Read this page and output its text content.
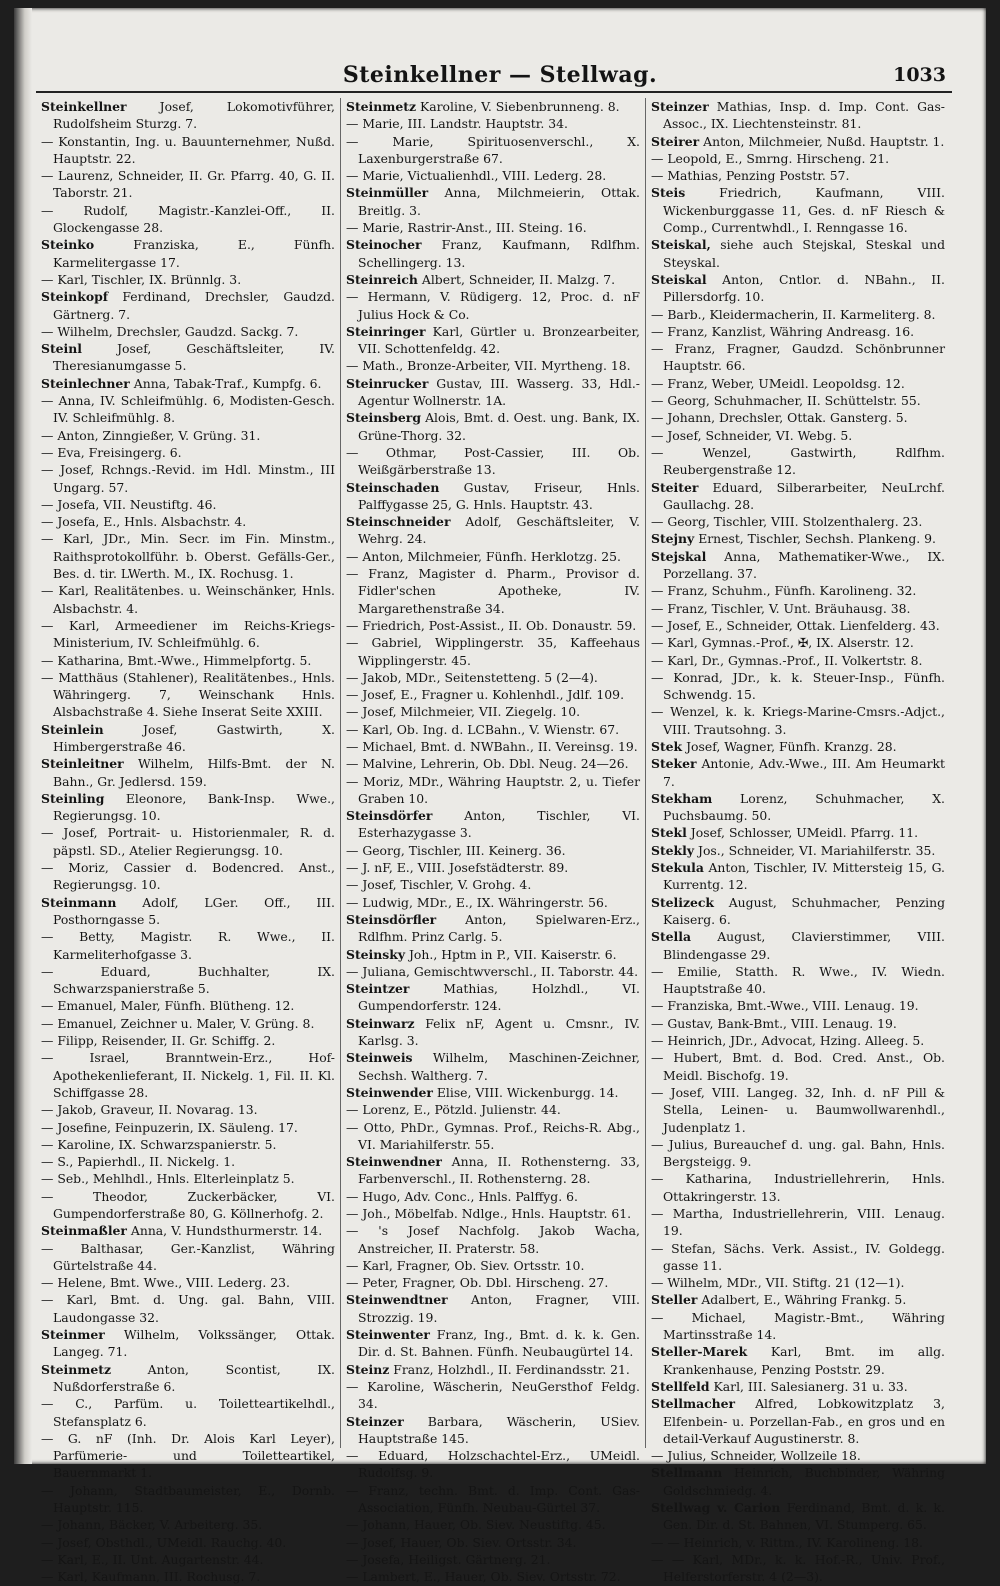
Steinkellner — Stellwag.	1033

Steinkellner Josef, Lokomotivführer, Rudolfsheim Sturzg. 7.

— Konstantin, Ing. u. Bauunternehmer, Nußd. Hauptstr. 22.

— Laurenz, Schneider, II. Gr. Pfarrg. 40, G. II. Taborstr. 21.

— Rudolf, Magistr.-Kanzlei-Off., II. Glockengasse 28.

Steinko Franziska, E., Fünfh. Karmelitergasse 17.

— Karl, Tischler, IX. Brünnlg. 3.

Steinkopf Ferdinand, Drechsler, Gaudzd. Gärtnerg. 7.

— Wilhelm, Drechsler, Gaudzd. Sackg. 7.

Steinl Josef, Geschäftsleiter, IV. Theresianumgasse 5.

Steinlechner Anna, Tabak-Traf., Kumpfg. 6.

— Anna, IV. Schleifmühlg. 6, Modisten-Gesch. IV. Schleifmühlg. 8.

— Anton, Zinngießer, V. Grüng. 31.

— Eva, Freisingerg. 6.

— Josef, Rchngs.-Revid. im Hdl. Minstm., III Ungarg. 57.

— Josefa, VII. Neustiftg. 46.

— Josefa, E., Hnls. Alsbachstr. 4.

— Karl, JDr., Min. Secr. im Fin. Minstm., Raithsprotokollführ. b. Oberst. Gefälls-Ger., Bes. d. tir. LWerth. M., IX. Rochusg. 1.

— Karl, Realitätenbes. u. Weinschänker, Hnls. Alsbachstr. 4.

— Karl, Armeediener im Reichs-Kriegs-Ministerium, IV. Schleifmühlg. 6.

— Katharina, Bmt.-Wwe., Himmelpfortg. 5.

— Matthäus (Stahlener), Realitätenbes., Hnls. Währingerg. 7, Weinschank Hnls. Alsbachstraße 4. Siehe Inserat Seite XXIII.

Steinlein Josef, Gastwirth, X. Himbergerstraße 46.

Steinleitner Wilhelm, Hilfs-Bmt. der N. Bahn., Gr. Jedlersd. 159.

Steinling Eleonore, Bank-Insp. Wwe., Regierungsg. 10.

— Josef, Portrait- u. Historienmaler, R. d. päpstl. SD., Atelier Regierungsg. 10.

— Moriz, Cassier d. Bodencred. Anst., Regierungsg. 10.

Steinmann Adolf, LGer. Off., III. Posthorngasse 5.

— Betty, Magistr. R. Wwe., II. Karmeliterhofgasse 3.

— Eduard, Buchhalter, IX. Schwarzspanierstraße 5.

— Emanuel, Maler, Fünfh. Blütheng. 12.

— Emanuel, Zeichner u. Maler, V. Grüng. 8.

— Filipp, Reisender, II. Gr. Schiffg. 2.

— Israel, Branntwein-Erz., Hof-Apothekenlieferant, II. Nickelg. 1, Fil. II. Kl. Schiffgasse 28.

— Jakob, Graveur, II. Novarag. 13.

— Josefine, Feinpuzerin, IX. Säuleng. 17.

— Karoline, IX. Schwarzspanierstr. 5.

— S., Papierhdl., II. Nickelg. 1.

— Seb., Mehlhdl., Hnls. Elterleinplatz 5.

— Theodor, Zuckerbäcker, VI. Gumpendorferstraße 80, G. Köllnerhofg. 2.

Steinmaßler Anna, V. Hundsthurmerstr. 14.

— Balthasar, Ger.-Kanzlist, Währing Gürtelstraße 44.

— Helene, Bmt. Wwe., VIII. Lederg. 23.

— Karl, Bmt. d. Ung. gal. Bahn, VIII. Laudongasse 32.

Steinmer Wilhelm, Volkssänger, Ottak. Langeg. 71.

Steinmetz Anton, Scontist, IX. Nußdorferstraße 6.

— C., Parfüm. u. Toiletteartikelhdl., Stefansplatz 6.

— G. nF (Inh. Dr. Alois Karl Leyer), Parfümerie- und Toiletteartikel, Bauernmarkt 1.

— Johann, Stadtbaumeister, E., Dornb. Hauptstr. 115.

— Johann, Bäcker, V. Arbeiterg. 35.

— Josef, Obsthdl., UMeidl. Rauchg. 40.

— Karl, E., II. Unt. Augartenstr. 44.

— Karl, Kaufmann, III. Rochusg. 7.

Steinmetz Karoline, V. Siebenbrunneng. 8.

— Marie, III. Landstr. Hauptstr. 34.

— Marie, Spirituosenverschl., X. Laxenburgerstraße 67.

— Marie, Victualienhdl., VIII. Lederg. 28.

Steinmüller Anna, Milchmeierin, Ottak. Breitlg. 3.

— Marie, Rastrir-Anst., III. Steing. 16.

Steinocher Franz, Kaufmann, Rdlfhm. Schellingerg. 13.

Steinreich Albert, Schneider, II. Malzg. 7.

— Hermann, V. Rüdigerg. 12, Proc. d. nF Julius Hock & Co.

Steinringer Karl, Gürtler u. Bronzearbeiter, VII. Schottenfeldg. 42.

— Math., Bronze-Arbeiter, VII. Myrtheng. 18.

Steinrucker Gustav, III. Wasserg. 33, Hdl.-Agentur Wollnerstr. 1A.

Steinsberg Alois, Bmt. d. Oest. ung. Bank, IX. Grüne-Thorg. 32.

— Othmar, Post-Cassier, III. Ob. Weißgärberstraße 13.

Steinschaden Gustav, Friseur, Hnls. Palffygasse 25, G. Hnls. Hauptstr. 43.

Steinschneider Adolf, Geschäftsleiter, V. Wehrg. 24.

— Anton, Milchmeier, Fünfh. Herklotzg. 25.

— Franz, Magister d. Pharm., Provisor d. Fidler'schen Apotheke, IV. Margarethenstraße 34.

— Friedrich, Post-Assist., II. Ob. Donaustr. 59.

— Gabriel, Wipplingerstr. 35, Kaffeehaus Wipplingerstr. 45.

— Jakob, MDr., Seitenstetteng. 5 (2—4).

— Josef, E., Fragner u. Kohlenhdl., Jdlf. 109.

— Josef, Milchmeier, VII. Ziegelg. 10.

— Karl, Ob. Ing. d. LCBahn., V. Wienstr. 67.

— Michael, Bmt. d. NWBahn., II. Vereinsg. 19.

— Malvine, Lehrerin, Ob. Dbl. Neug. 24—26.

— Moriz, MDr., Währing Hauptstr. 2, u. Tiefer Graben 10.

Steinsdörfer Anton, Tischler, VI. Esterhazygasse 3.

— Georg, Tischler, III. Keinerg. 36.

— J. nF, E., VIII. Josefstädterstr. 89.

— Josef, Tischler, V. Grohg. 4.

— Ludwig, MDr., E., IX. Währingerstr. 56.

Steinsdörfler Anton, Spielwaren-Erz., Rdlfhm. Prinz Carlg. 5.

Steinsky Joh., Hptm in P., VII. Kaiserstr. 6.

— Juliana, Gemischtwverschl., II. Taborstr. 44.

Steintzer Mathias, Holzhdl., VI. Gumpendorferstr. 124.

Steinwarz Felix nF, Agent u. Cmsnr., IV. Karlsg. 3.

Steinweis Wilhelm, Maschinen-Zeichner, Sechsh. Waltherg. 7.

Steinwender Elise, VIII. Wickenburgg. 14.

— Lorenz, E., Pötzld. Julienstr. 44.

— Otto, PhDr., Gymnas. Prof., Reichs-R. Abg., VI. Mariahilferstr. 55.

Steinwendner Anna, II. Rothensterng. 33, Farbenverschl., II. Rothensterng. 28.

— Hugo, Adv. Conc., Hnls. Palffyg. 6.

— Joh., Möbelfab. Ndlge., Hnls. Hauptstr. 61.

— 's Josef Nachfolg. Jakob Wacha, Anstreicher, II. Praterstr. 58.

— Karl, Fragner, Ob. Siev. Ortsstr. 10.

— Peter, Fragner, Ob. Dbl. Hirscheng. 27.

Steinwendtner Anton, Fragner, VIII. Strozzig. 19.

Steinwenter Franz, Ing., Bmt. d. k. k. Gen. Dir. d. St. Bahnen. Fünfh. Neubaugürtel 14.

Steinz Franz, Holzhdl., II. Ferdinandsstr. 21.

— Karoline, Wäscherin, NeuGersthof Feldg. 34.

Steinzer Barbara, Wäscherin, USiev. Hauptstraße 145.

— Eduard, Holzschachtel-Erz., UMeidl. Rudolfsg. 9.

— Franz, techn. Bmt. d. Imp. Cont. Gas-Association, Fünfh. Neubau-Gürtel 37.

— Johann, Hauer, Ob. Siev. Neustiftg. 45.

— Josef, Hauer, Ob. Siev. Ortsstr. 34.

— Josefa, Heiligst. Gärtnerg. 21.

— Lambert, E., Hauer, Ob. Siev. Ortsstr. 72.

Steinzer Mathias, Insp. d. Imp. Cont. Gas-Assoc., IX. Liechtensteinstr. 81.

Steirer Anton, Milchmeier, Nußd. Hauptstr. 1.

— Leopold, E., Smrng. Hirscheng. 21.

— Mathias, Penzing Poststr. 57.

Steis Friedrich, Kaufmann, VIII. Wickenburggasse 11, Ges. d. nF Riesch & Comp., Currentwhdl., I. Renngasse 16.

Steiskal, siehe auch Stejskal, Steskal und Steyskal.

Steiskal Anton, Cntlor. d. NBahn., II. Pillersdorfg. 10.

— Barb., Kleidermacherin, II. Karmeliterg. 8.

— Franz, Kanzlist, Währing Andreasg. 16.

— Franz, Fragner, Gaudzd. Schönbrunner Hauptstr. 66.

— Franz, Weber, UMeidl. Leopoldsg. 12.

— Georg, Schuhmacher, II. Schüttelstr. 55.

— Johann, Drechsler, Ottak. Gansterg. 5.

— Josef, Schneider, VI. Webg. 5.

— Wenzel, Gastwirth, Rdlfhm. Reubergenstraße 12.

Steiter Eduard, Silberarbeiter, NeuLrchf. Gaullachg. 28.

— Georg, Tischler, VIII. Stolzenthalerg. 23.

Stejny Ernest, Tischler, Sechsh. Plankeng. 9.

Stejskal Anna, Mathematiker-Wwe., IX. Porzellang. 37.

— Franz, Schuhm., Fünfh. Karolineng. 32.

— Franz, Tischler, V. Unt. Bräuhausg. 38.

— Josef, E., Schneider, Ottak. Lienfelderg. 43.

— Karl, Gymnas.-Prof., ✠, IX. Alserstr. 12.

— Karl, Dr., Gymnas.-Prof., II. Volkertstr. 8.

— Konrad, JDr., k. k. Steuer-Insp., Fünfh. Schwendg. 15.

— Wenzel, k. k. Kriegs-Marine-Cmsrs.-Adjct., VIII. Trautsohng. 3.

Stek Josef, Wagner, Fünfh. Kranzg. 28.

Steker Antonie, Adv.-Wwe., III. Am Heumarkt 7.

Stekham Lorenz, Schuhmacher, X. Puchsbaumg. 50.

Stekl Josef, Schlosser, UMeidl. Pfarrg. 11.

Stekly Jos., Schneider, VI. Mariahilferstr. 35.

Stekula Anton, Tischler, IV. Mittersteig 15, G. Kurrentg. 12.

Stelizeck August, Schuhmacher, Penzing Kaiserg. 6.

Stella August, Clavierstimmer, VIII. Blindengasse 29.

— Emilie, Statth. R. Wwe., IV. Wiedn. Hauptstraße 40.

— Franziska, Bmt.-Wwe., VIII. Lenaug. 19.

— Gustav, Bank-Bmt., VIII. Lenaug. 19.

— Heinrich, JDr., Advocat, Hzing. Alleeg. 5.

— Hubert, Bmt. d. Bod. Cred. Anst., Ob. Meidl. Bischofg. 19.

— Josef, VIII. Langeg. 32, Inh. d. nF Pill & Stella, Leinen- u. Baumwollwarenhdl., Judenplatz 1.

— Julius, Bureauchef d. ung. gal. Bahn, Hnls. Bergsteigg. 9.

— Katharina, Industriellehrerin, Hnls. Ottakringerstr. 13.

— Martha, Industriellehrerin, VIII. Lenaug. 19.

— Stefan, Sächs. Verk. Assist., IV. Goldegg. gasse 11.

— Wilhelm, MDr., VII. Stiftg. 21 (12—1).

Steller Adalbert, E., Währing Frankg. 5.

— Michael, Magistr.-Bmt., Währing Martinsstraße 14.

Steller-Marek Karl, Bmt. im allg. Krankenhause, Penzing Poststr. 29.

Stellfeld Karl, III. Salesianerg. 31 u. 33.

Stellmacher Alfred, Lobkowitzplatz 3, Elfenbein- u. Porzellan-Fab., en gros und en detail-Verkauf Augustinerstr. 8.

— Julius, Schneider, Wollzeile 18.

Stellmann Heinrich, Buchbinder, Währing Goldschmiedg. 4.

Stellwag v. Carion Ferdinand, Bmt. d. k. k. Gen. Dir. d. St. Bahnen, VI. Stumperg. 65.

— — Heinrich, v. Rittm., IV. Karolineng. 18.

— — Karl, MDr., k. k. Hof.-R., Univ. Prof., Helferstorferstr. 4 (2—3).
